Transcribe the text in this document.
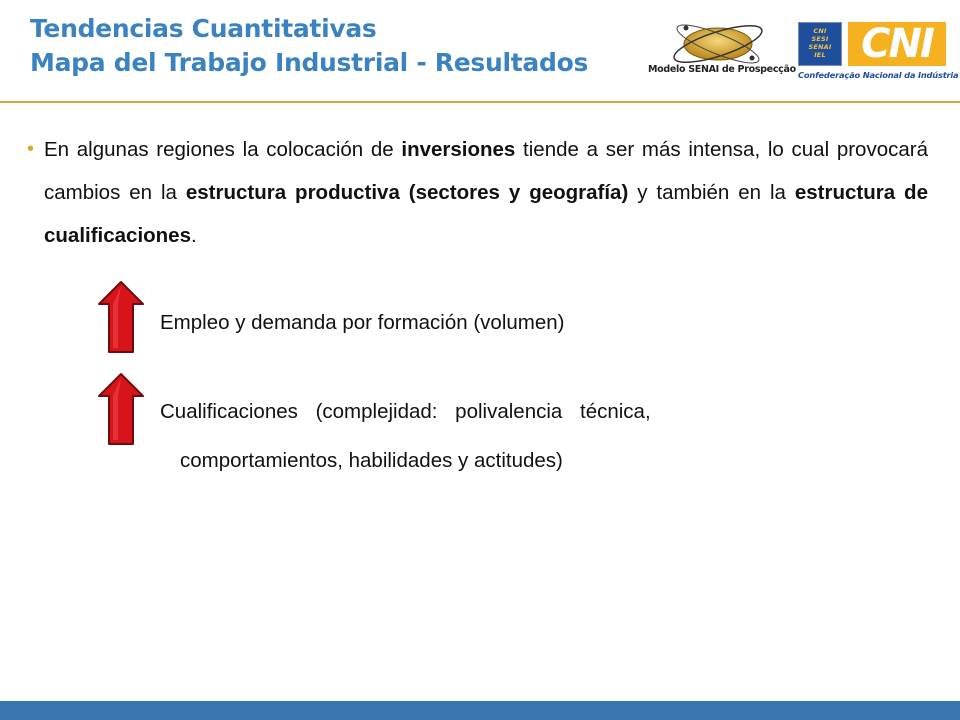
Tendencias Cuantitativas
Mapa del Trabajo Industrial - Resultados	Modelo SENAI de Prospecção
CNI
SESI
SENAI
IEL CNI
Confederação Nacional da Indústria
• En algunas regiones la colocación de inversiones tiende a ser más intensa, lo cual provocará cambios en la estructura productiva (sectores y geografía) y también en la estructura de cualificaciones.
Empleo y demanda por formación (volumen)
Cualificaciones (complejidad: polivalencia técnica,
comportamientos, habilidades y actitudes)
